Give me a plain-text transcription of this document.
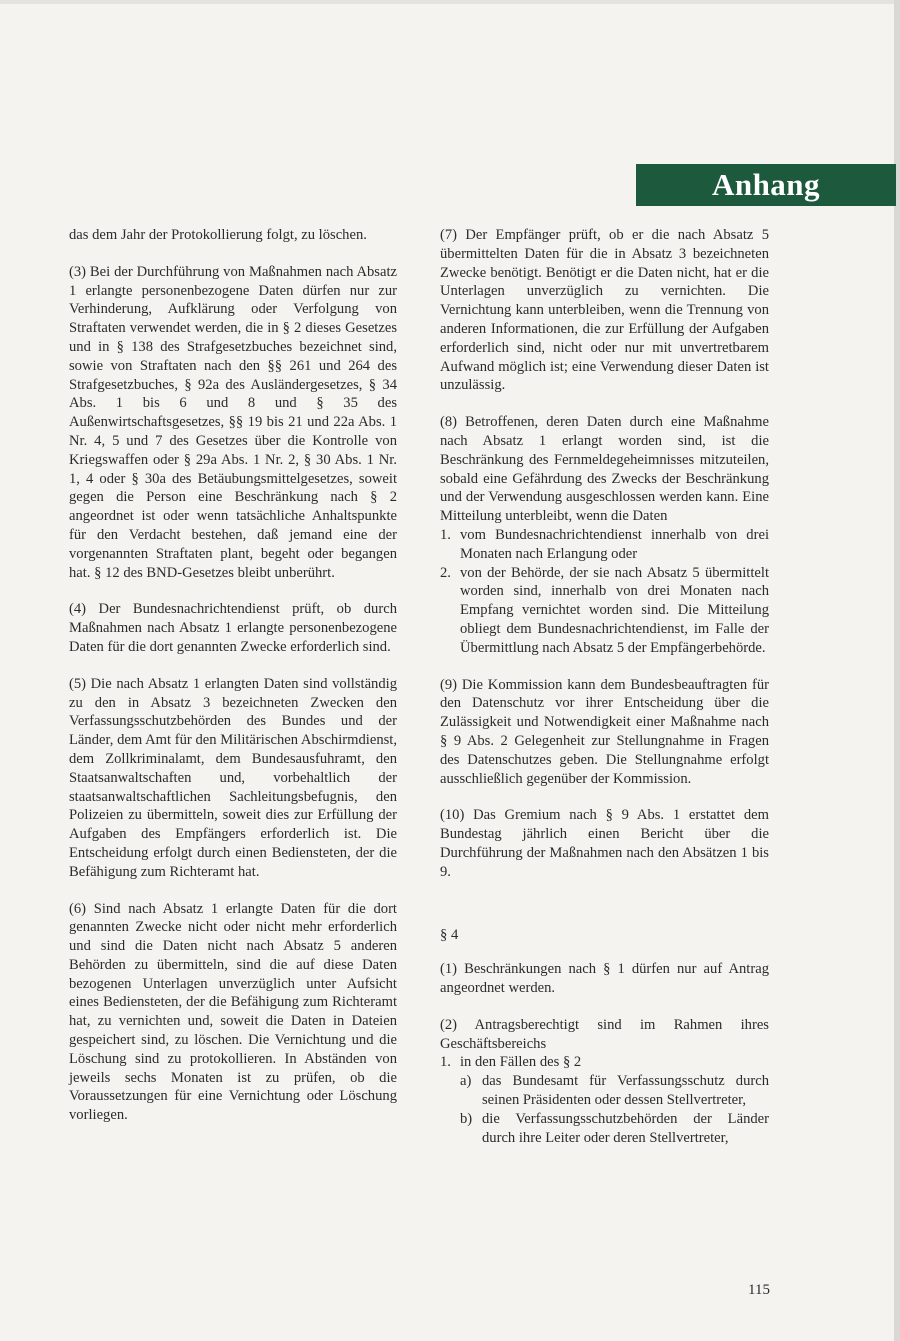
Anhang

das dem Jahr der Protokollierung folgt, zu löschen.

(3) Bei der Durchführung von Maßnahmen nach Absatz 1 erlangte personenbezogene Daten dürfen nur zur Verhinderung, Aufklärung oder Verfolgung von Straftaten verwendet werden, die in § 2 dieses Gesetzes und in § 138 des Strafgesetzbuches bezeichnet sind, sowie von Straftaten nach den §§ 261 und 264 des Strafgesetzbuches, § 92a des Ausländergesetzes, § 34 Abs. 1 bis 6 und 8 und § 35 des Außenwirtschaftsgesetzes, §§ 19 bis 21 und 22a Abs. 1 Nr. 4, 5 und 7 des Gesetzes über die Kontrolle von Kriegswaffen oder § 29a Abs. 1 Nr. 2, § 30 Abs. 1 Nr. 1, 4 oder § 30a des Betäubungsmittelgesetzes, soweit gegen die Person eine Beschränkung nach § 2 angeordnet ist oder wenn tatsächliche Anhaltspunkte für den Verdacht bestehen, daß jemand eine der vorgenannten Straftaten plant, begeht oder begangen hat. § 12 des BND-Gesetzes bleibt unberührt.

(4) Der Bundesnachrichtendienst prüft, ob durch Maßnahmen nach Absatz 1 erlangte personenbezogene Daten für die dort genannten Zwecke erforderlich sind.

(5) Die nach Absatz 1 erlangten Daten sind vollständig zu den in Absatz 3 bezeichneten Zwecken den Verfassungsschutzbehörden des Bundes und der Länder, dem Amt für den Militärischen Abschirmdienst, dem Zollkriminalamt, dem Bundesausfuhramt, den Staatsanwaltschaften und, vorbehaltlich der staatsanwaltschaftlichen Sachleitungsbefugnis, den Polizeien zu übermitteln, soweit dies zur Erfüllung der Aufgaben des Empfängers erforderlich ist. Die Entscheidung erfolgt durch einen Bediensteten, der die Befähigung zum Richteramt hat.

(6) Sind nach Absatz 1 erlangte Daten für die dort genannten Zwecke nicht oder nicht mehr erforderlich und sind die Daten nicht nach Absatz 5 anderen Behörden zu übermitteln, sind die auf diese Daten bezogenen Unterlagen unverzüglich unter Aufsicht eines Bediensteten, der die Befähigung zum Richteramt hat, zu vernichten und, soweit die Daten in Dateien gespeichert sind, zu löschen. Die Vernichtung und die Löschung sind zu protokollieren. In Abständen von jeweils sechs Monaten ist zu prüfen, ob die Voraussetzungen für eine Vernichtung oder Löschung vorliegen.

(7) Der Empfänger prüft, ob er die nach Absatz 5 übermittelten Daten für die in Absatz 3 bezeichneten Zwecke benötigt. Benötigt er die Daten nicht, hat er die Unterlagen unverzüglich zu vernichten. Die Vernichtung kann unterbleiben, wenn die Trennung von anderen Informationen, die zur Erfüllung der Aufgaben erforderlich sind, nicht oder nur mit unvertretbarem Aufwand möglich ist; eine Verwendung dieser Daten ist unzulässig.

(8) Betroffenen, deren Daten durch eine Maßnahme nach Absatz 1 erlangt worden sind, ist die Beschränkung des Fernmeldegeheimnisses mitzuteilen, sobald eine Gefährdung des Zwecks der Beschränkung und der Verwendung ausgeschlossen werden kann. Eine Mitteilung unterbleibt, wenn die Daten

1. vom Bundesnachrichtendienst innerhalb von drei Monaten nach Erlangung oder
2. von der Behörde, der sie nach Absatz 5 übermittelt worden sind, innerhalb von drei Monaten nach Empfang vernichtet worden sind. Die Mitteilung obliegt dem Bundesnachrichtendienst, im Falle der Übermittlung nach Absatz 5 der Empfängerbehörde.

(9) Die Kommission kann dem Bundesbeauftragten für den Datenschutz vor ihrer Entscheidung über die Zulässigkeit und Notwendigkeit einer Maßnahme nach § 9 Abs. 2 Gelegenheit zur Stellungnahme in Fragen des Datenschutzes geben. Die Stellungnahme erfolgt ausschließlich gegenüber der Kommission.

(10) Das Gremium nach § 9 Abs. 1 erstattet dem Bundestag jährlich einen Bericht über die Durchführung der Maßnahmen nach den Absätzen 1 bis 9.

§ 4

(1) Beschränkungen nach § 1 dürfen nur auf Antrag angeordnet werden.

(2) Antragsberechtigt sind im Rahmen ihres Geschäftsbereichs

1. in den Fällen des § 2
a) das Bundesamt für Verfassungsschutz durch seinen Präsidenten oder dessen Stellvertreter,
b) die Verfassungsschutzbehörden der Länder durch ihre Leiter oder deren Stellvertreter,
115
